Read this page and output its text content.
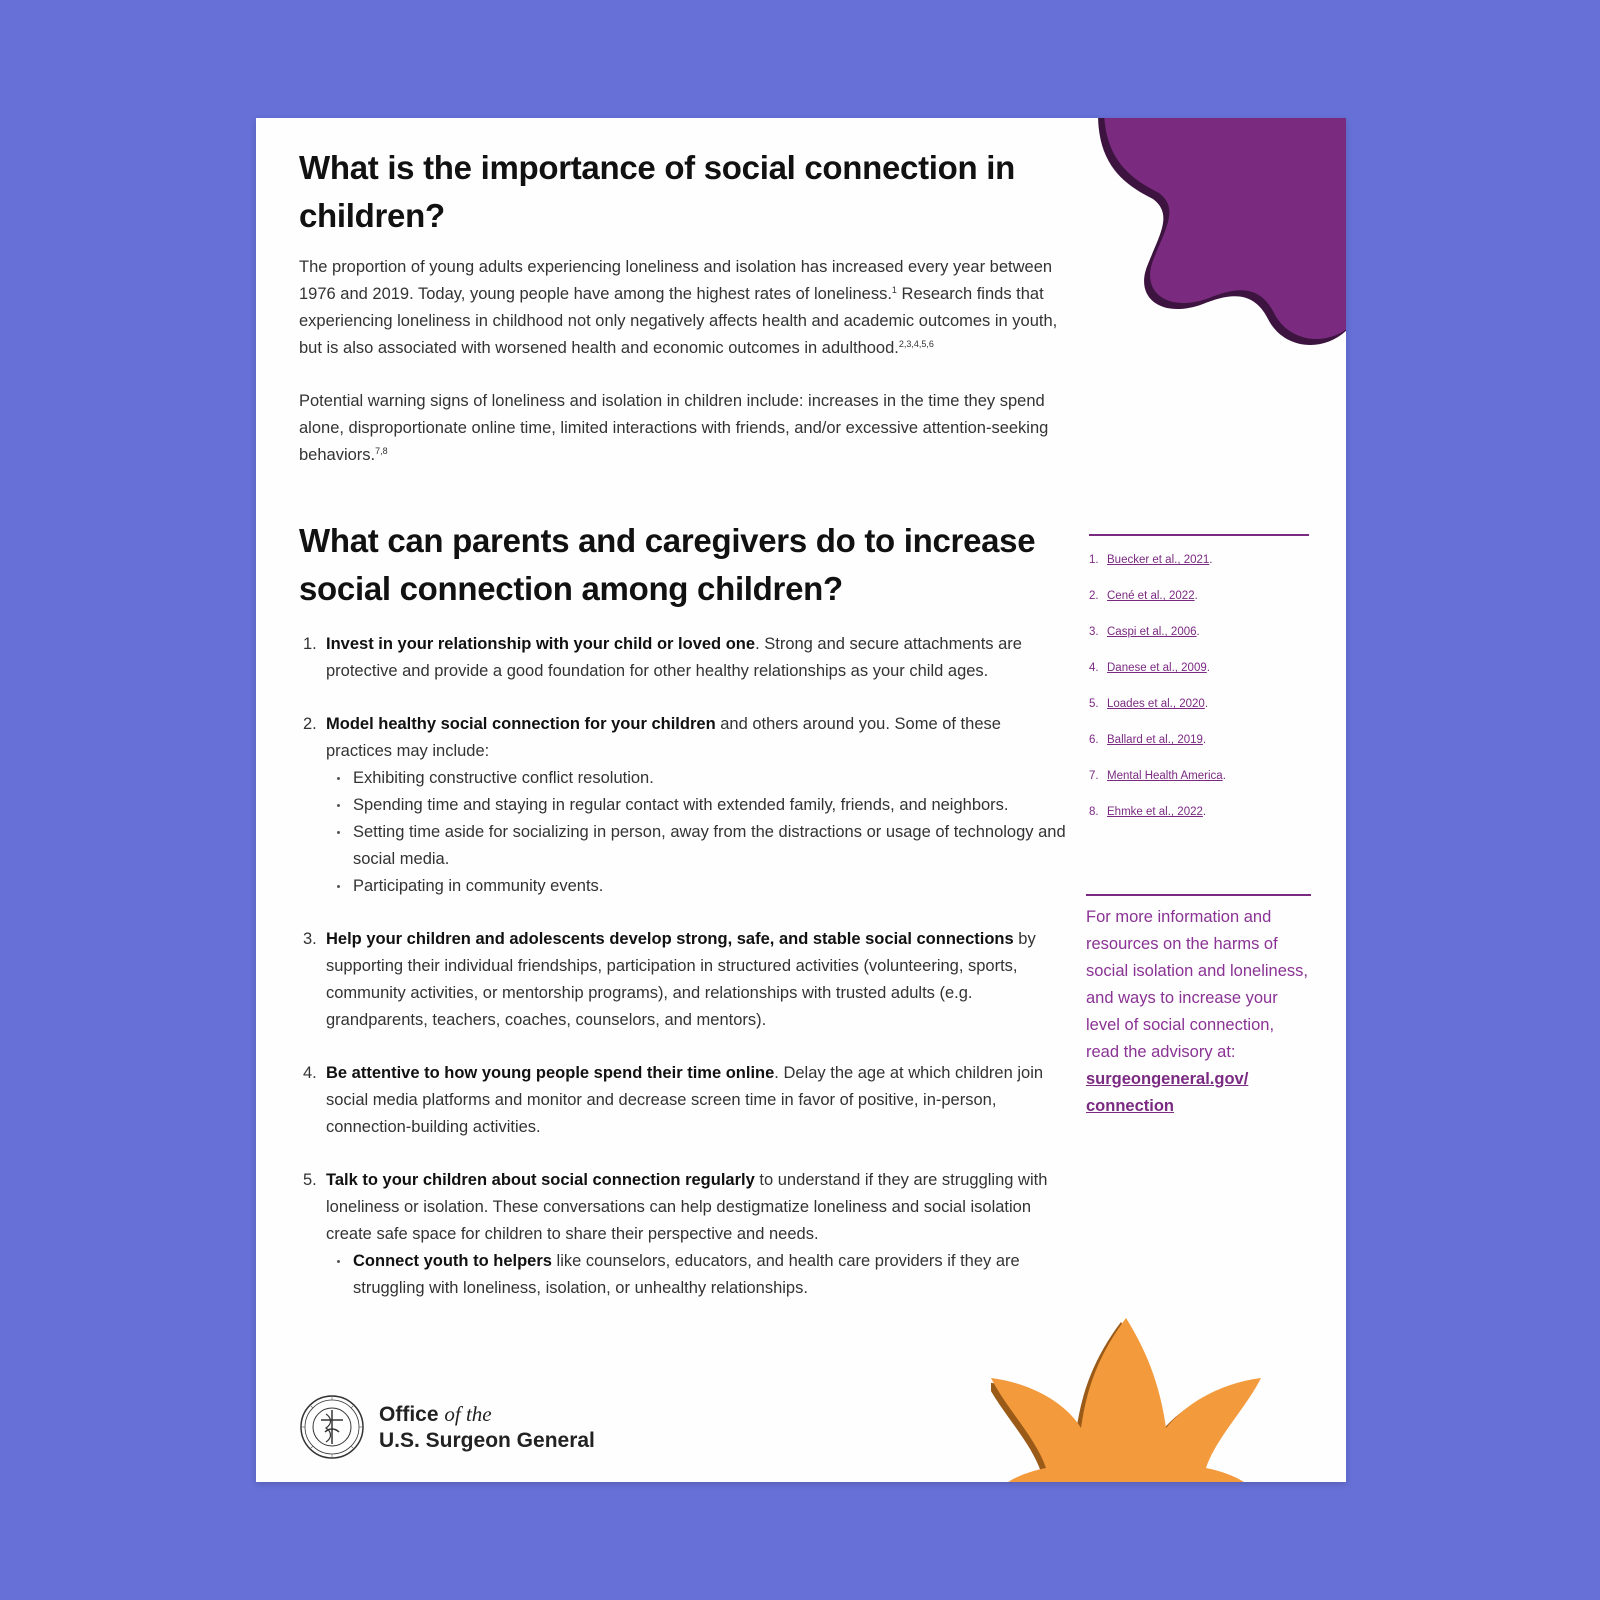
What is the importance of social connection in children?

The proportion of young adults experiencing loneliness and isolation has increased every year between 1976 and 2019. Today, young people have among the highest rates of loneliness.$^1$ Research finds that experiencing loneliness in childhood not only negatively affects health and academic outcomes in youth, but is also associated with worsened health and economic outcomes in adulthood.$^{2,3,4,5,6}$

Potential warning signs of loneliness and isolation in children include: increases in the time they spend alone, disproportionate online time, limited interactions with friends, and/or excessive attention-seeking behaviors.$^{7,8}$

What can parents and caregivers do to increase social connection among children?
1. Invest in your relationship with your child or loved one. Strong and secure attachments are protective and provide a good foundation for other healthy relationships as your child ages.
2. Model healthy social connection for your children and others around you. Some of these practices may include:
Exhibiting constructive conflict resolution.
Spending time and staying in regular contact with extended family, friends, and neighbors.
Setting time aside for socializing in person, away from the distractions or usage of technology and social media.
Participating in community events.
3. Help your children and adolescents develop strong, safe, and stable social connections by supporting their individual friendships, participation in structured activities (volunteering, sports, community activities, or mentorship programs), and relationships with trusted adults (e.g. grandparents, teachers, coaches, counselors, and mentors).
4. Be attentive to how young people spend their time online. Delay the age at which children join social media platforms and monitor and decrease screen time in favor of positive, in-person, connection-building activities.
5. Talk to your children about social connection regularly to understand if they are struggling with loneliness or isolation. These conversations can help destigmatize loneliness and social isolation create safe space for children to share their perspective and needs.
Connect youth to helpers like counselors, educators, and health care providers if they are struggling with loneliness, isolation, or unhealthy relationships.
1. Buecker et al., 2021.
2. Cené et al., 2022.
3. Caspi et al., 2006.
4. Danese et al., 2009.
5. Loades et al., 2020.
6. Ballard et al., 2019.
7. Mental Health America.
8. Ehmke et al., 2022.

For more information and resources on the harms of social isolation and loneliness, and ways to increase your level of social connection, read the advisory at:

surgeongeneral.gov/
connection

Office of the
U.S. Surgeon General
